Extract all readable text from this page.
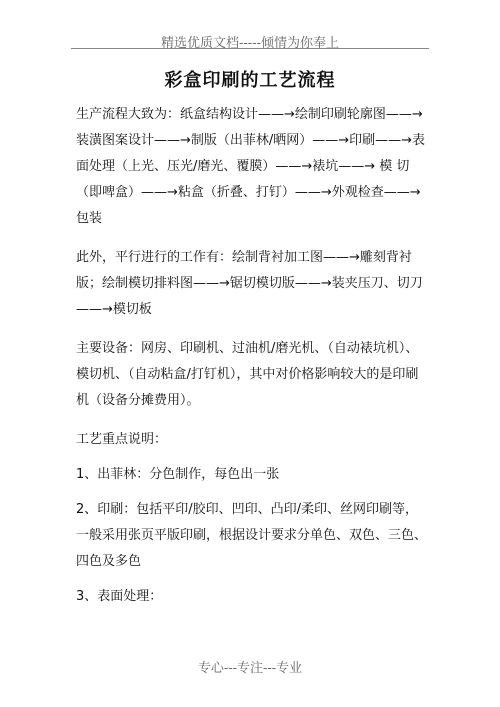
精选优质文档-----倾情为你奉上
彩盒印刷的工艺流程

生产流程大致为：纸盒结构设计——→绘制印刷轮廓图——→装潢图案设计——→制版（出菲林/晒网）——→印刷——→表面处理（上光、压光/磨光、覆膜）——→裱坑——→ 模 切（即啤盒）——→粘盒（折叠、打钉）——→外观检查——→包装

此外，平行进行的工作有：绘制背衬加工图——→雕刻背衬版；绘制模切排料图——→锯切模切版——→装夹压刀、切刀——→模切板

主要设备：网房、印刷机、过油机/磨光机、（自动裱坑机）、模切机、（自动粘盒/打钉机），其中对价格影响较大的是印刷机（设备分摊费用）。

工艺重点说明：

1、出菲林：分色制作，每色出一张

2、印刷：包括平印/胶印、凹印、凸印/柔印、丝网印刷等，一般采用张页平版印刷，根据设计要求分单色、双色、三色、四色及多色

3、表面处理：

专心---专注---专业
